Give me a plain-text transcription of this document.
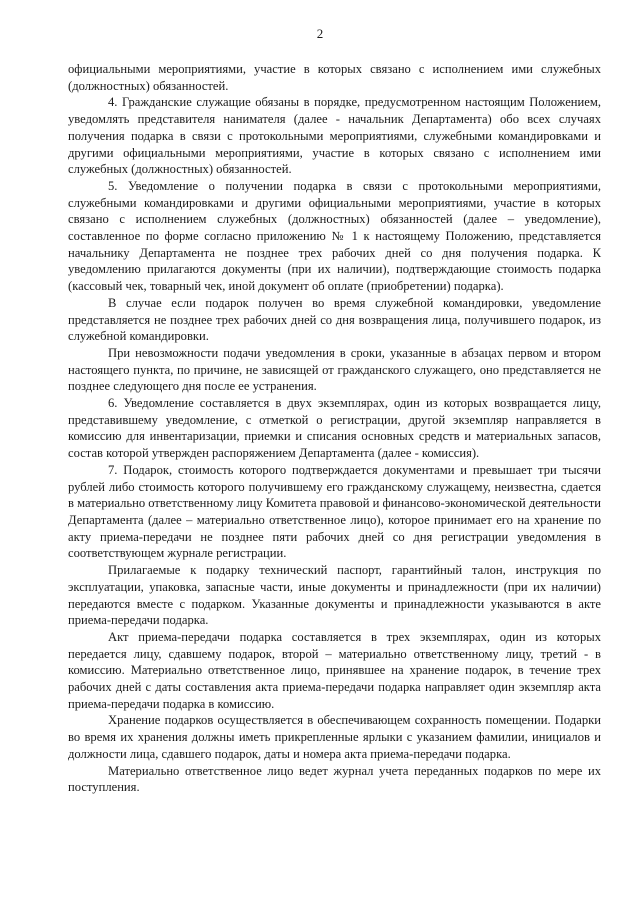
2

официальными мероприятиями, участие в которых связано с исполнением ими служебных (должностных) обязанностей.

4. Гражданские служащие обязаны в порядке, предусмотренном настоящим Положением, уведомлять представителя нанимателя (далее - начальник Департамента) обо всех случаях получения подарка в связи с протокольными мероприятиями, служебными командировками и другими официальными мероприятиями, участие в которых связано с исполнением ими служебных (должностных) обязанностей.

5. Уведомление о получении подарка в связи с протокольными мероприятиями, служебными командировками и другими официальными мероприятиями, участие в которых связано с исполнением служебных (должностных) обязанностей (далее – уведомление), составленное по форме согласно приложению № 1 к настоящему Положению, представляется начальнику Департамента не позднее трех рабочих дней со дня получения подарка. К уведомлению прилагаются документы (при их наличии), подтверждающие стоимость подарка (кассовый чек, товарный чек, иной документ об оплате (приобретении) подарка).

В случае если подарок получен во время служебной командировки, уведомление представляется не позднее трех рабочих дней со дня возвращения лица, получившего подарок, из служебной командировки.

При невозможности подачи уведомления в сроки, указанные в абзацах первом и втором настоящего пункта, по причине, не зависящей от гражданского служащего, оно представляется не позднее следующего дня после ее устранения.

6. Уведомление составляется в двух экземплярах, один из которых возвращается лицу, представившему уведомление, с отметкой о регистрации, другой экземпляр направляется в комиссию для инвентаризации, приемки и списания основных средств и материальных запасов, состав которой утвержден распоряжением Департамента (далее - комиссия).

7. Подарок, стоимость которого подтверждается документами и превышает три тысячи рублей либо стоимость которого получившему его гражданскому служащему, неизвестна, сдается в материально ответственному лицу Комитета правовой и финансово-экономической деятельности Департамента (далее – материально ответственное лицо), которое принимает его на хранение по акту приема-передачи не позднее пяти рабочих дней со дня регистрации уведомления в соответствующем журнале регистрации.

Прилагаемые к подарку технический паспорт, гарантийный талон, инструкция по эксплуатации, упаковка, запасные части, иные документы и принадлежности (при их наличии) передаются вместе с подарком. Указанные документы и принадлежности указываются в акте приема-передачи подарка.

Акт приема-передачи подарка составляется в трех экземплярах, один из которых передается лицу, сдавшему подарок, второй – материально ответственному лицу, третий - в комиссию. Материально ответственное лицо, принявшее на хранение подарок, в течение трех рабочих дней с даты составления акта приема-передачи подарка направляет один экземпляр акта приема-передачи подарка в комиссию.

Хранение подарков осуществляется в обеспечивающем сохранность помещении. Подарки во время их хранения должны иметь прикрепленные ярлыки с указанием фамилии, инициалов и должности лица, сдавшего подарок, даты и номера акта приема-передачи подарка.

Материально ответственное лицо ведет журнал учета переданных подарков по мере их поступления.
